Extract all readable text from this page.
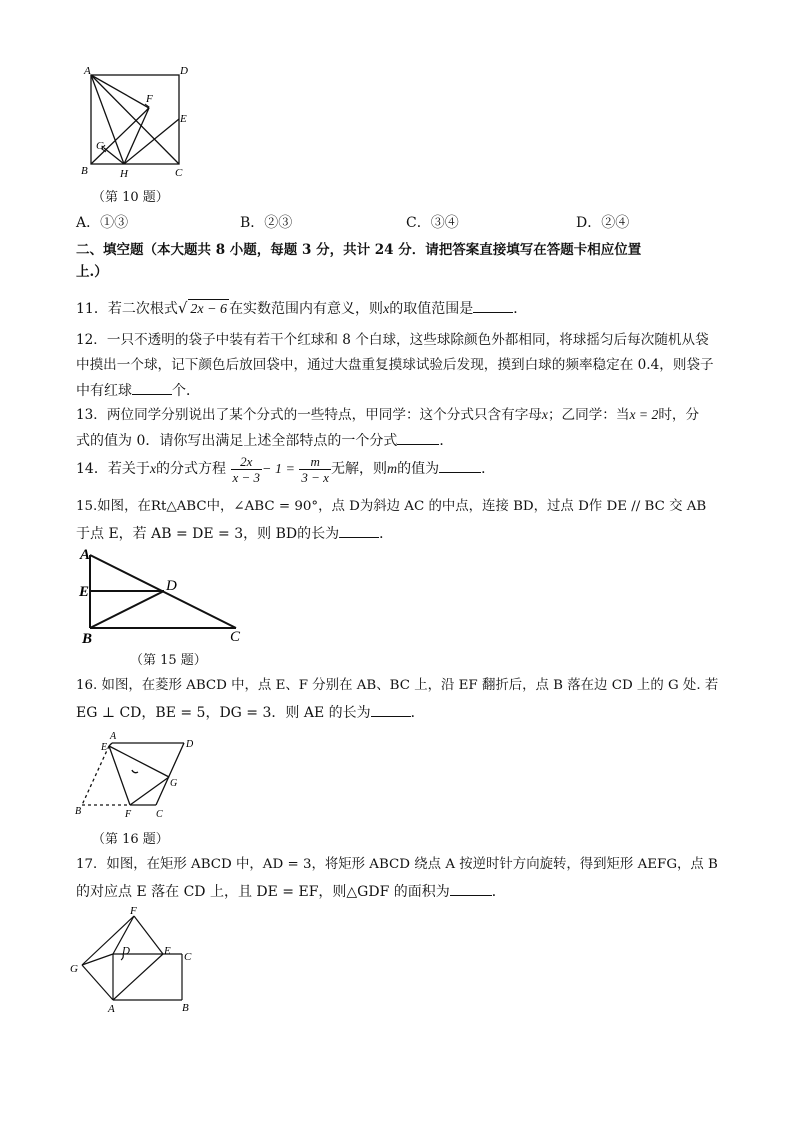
A	D
F
E
G
B	H	C
（第 10 题）
A．①③	B．②③	C．③④	D．②④
二、填空题（本大题共 8 小题，每题 3 分，共计 24 分．请把答案直接填写在答题卡相应位置
上.）
11．若二次根式√ 2x − 6 在实数范围内有意义，则x的取值范围是	．
12．一只不透明的袋子中装有若干个红球和 8 个白球，这些球除颜色外都相同，将球摇匀后每次随机从袋
中摸出一个球，记下颜色后放回袋中，通过大盘重复摸球试验后发现，摸到白球的频率稳定在 0.4，则袋子
中有红球	个．
13．两位同学分别说出了某个分式的一些特点，甲同学：这个分式只含有字母x；乙同学：当x = 2时，分
式的值为 0．请你写出满足上述全部特点的一个分式	．
14．若关于x的分式方程 $\frac{2x}{x - 3} - 1 = \frac{m}{3 - x}$ 无解，则m的值为	．
15.如图，在Rt△ABC中，∠ABC = 90°，点 D为斜边 AC 的中点，连接 BD，过点 D作 DE // BC 交 AB
于点 E，若 AB = DE = 3，则 BD的长为	．
A
E	D
B	C
（第 15 题）
16. 如图，在菱形 ABCD 中，点 E、F 分别在 AB、BC 上，沿 EF 翻折后，点 B 落在边 CD 上的 G 处. 若
EG ⊥ CD，BE = 5，DG = 3．则 AE 的长为	．
A
E	D
G
B	F C
（第 16 题）
17．如图，在矩形 ABCD 中，AD = 3，将矩形 ABCD 绕点 A 按逆时针方向旋转，得到矩形 AEFG，点 B
的对应点 E 落在 CD 上，且 DE = EF，则△GDF 的面积为	．
F
D	E C
G
A	B
